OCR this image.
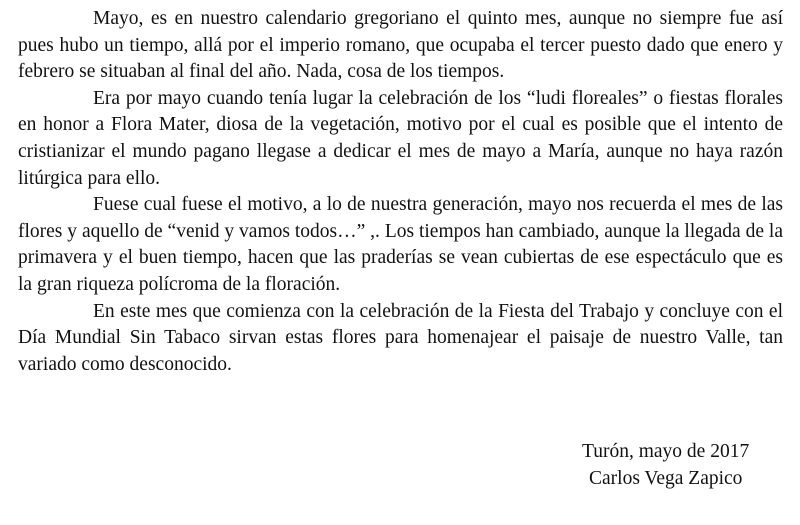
Mayo, es en nuestro calendario gregoriano el quinto mes, aunque no siempre fue así pues hubo un tiempo, allá por el imperio romano, que ocupaba el tercer puesto dado que enero y febrero se situaban al final del año. Nada, cosa de los tiempos.

Era por mayo cuando tenía lugar la celebración de los “ludi floreales” o fiestas florales en honor a Flora Mater, diosa de la vegetación, motivo por el cual es posible que el intento de cristianizar el mundo pagano llegase a dedicar el mes de mayo a María, aunque no haya razón litúrgica para ello.

Fuese cual fuese el motivo, a lo de nuestra generación, mayo nos recuerda el mes de las flores y aquello de “venid y vamos todos…” ,. Los tiempos han cambiado, aunque la llegada de la primavera y el buen tiempo, hacen que las praderías se vean cubiertas de ese espectáculo que es la gran riqueza polícroma de la floración.

En este mes que comienza con la celebración de la Fiesta del Trabajo y concluye con el Día Mundial Sin Tabaco sirvan estas flores para homenajear el paisaje de nuestro Valle, tan variado como desconocido.

Turón, mayo de 2017
Carlos Vega Zapico
